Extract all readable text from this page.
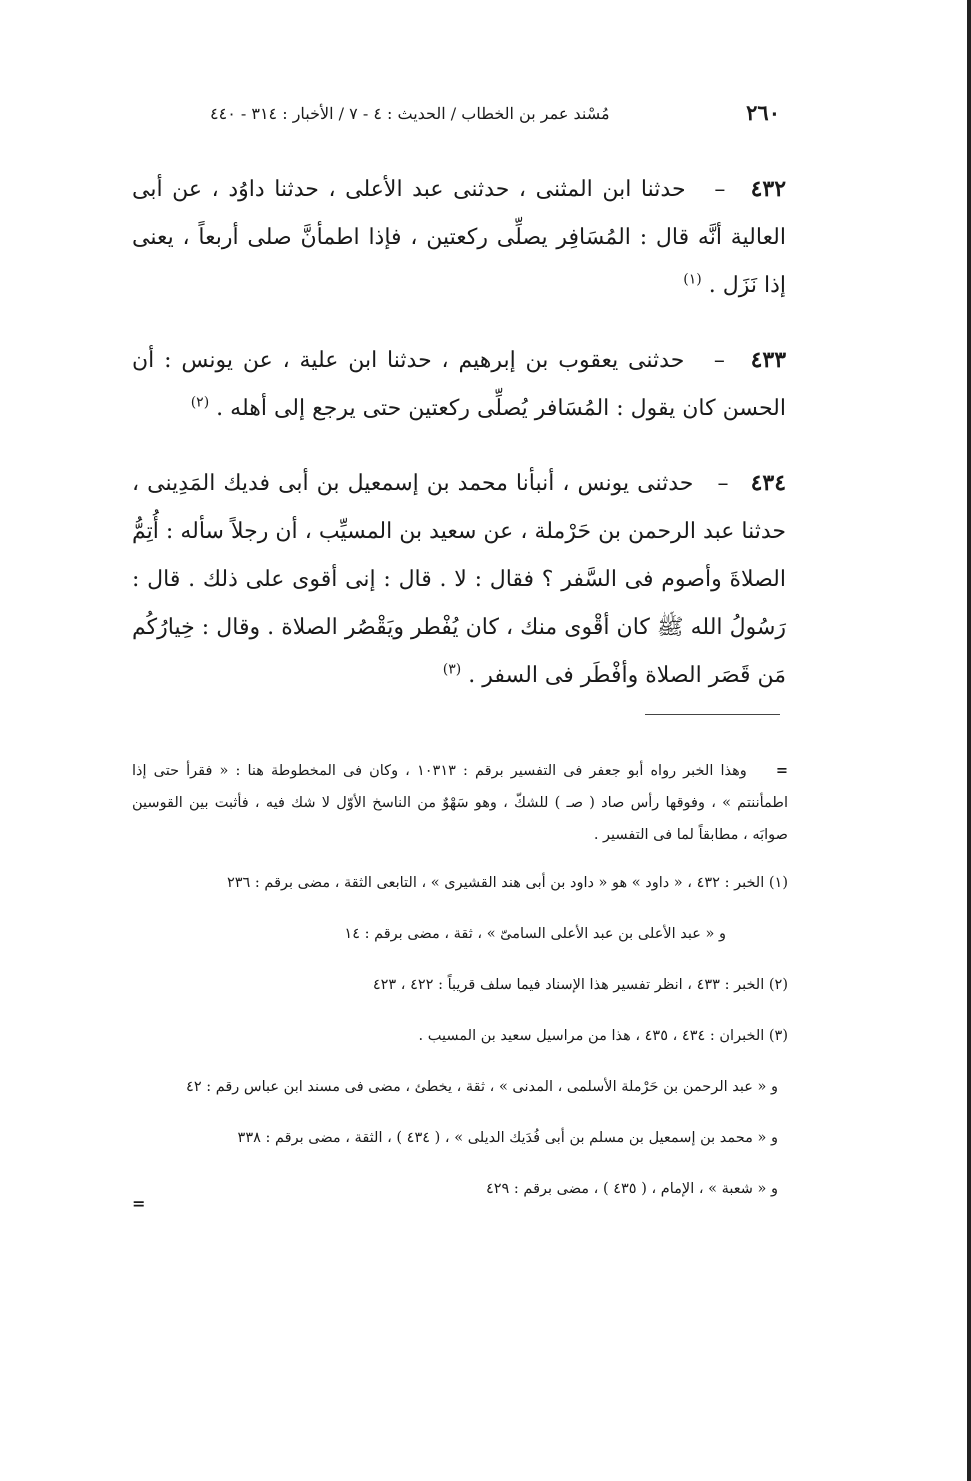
٢٦٠
مُسْند عمر بن الخطاب / الحديث : ٤ - ٧ / الأخبار : ٣١٤ - ٤٤٠

٤٣٢  –   حدثنا ابن المثنى ، حدثنى عبد الأعلى ، حدثنا داوُد ، عن أبى العالية أنَّه قال : المُسَافِر يصلِّى ركعتين ، فإذا اطمأنَّ صلى أربعاً ، يعنى إذا نَزَل . $^{(١)}$

٤٣٣  –   حدثنى يعقوب بن إبرهيم ، حدثنا ابن علية ، عن يونس : أن الحسن كان يقول : المُسَافر يُصلِّى ركعتين حتى يرجع إلى أهله . $^{(٢)}$

٤٣٤  –   حدثنى يونس ، أنبأنا محمد بن إسمعيل بن أبى فديك المَدِينى ، حدثنا عبد الرحمن بن حَرْملة ، عن سعيد بن المسيِّب ، أن رجلاً سأله : أُتِمُّ الصلاةَ وأصوم فى السَّفر ؟ فقال : لا . قال : إنى أقوى على ذلك . قال : رَسُولُ الله ﷺ كان أقْوى منك ، كان يُفْطر ويَقْصُر الصلاة . وقال : خِيارُكُم مَن قَصَر الصلاة وأفْطَر فى السفر . $^{(٣)}$

= وهذا الخبر رواه أبو جعفر فى التفسير برقم : ١٠٣١٣ ، وكان فى المخطوطة هنا : « فقرأ حتى إذا اطمأننتم » ، وفوقها رأس صاد ( صـ ) للشكّ ، وهو سَهْوٌ من الناسخ الأوّل لا شك فيه ، فأثبت بين القوسين صوابَه ، مطابقاً لما فى التفسير .

(١) الخبر : ٤٣٢ ، « داود » هو « داود بن أبى هند القشيرى » ، التابعى الثقة ، مضى برقم : ٢٣٦
و « عبد الأعلى بن عبد الأعلى السامىّ » ، ثقة ، مضى برقم : ١٤
(٢) الخبر : ٤٣٣ ، انظر تفسير هذا الإسناد فيما سلف قريباً : ٤٢٢ ، ٤٢٣
(٣) الخبران : ٤٣٤ ، ٤٣٥ ، هذا من مراسيل سعيد بن المسيب .
و « عبد الرحمن بن حَرْملة الأسلمى ، المدنى » ، ثقة ، يخطئ ، مضى فى مسند ابن عباس رقم : ٤٢
و « محمد بن إسمعيل بن مسلم بن أبى فُدَيك الديلى » ، ( ٤٣٤ ) ، الثقة ، مضى برقم : ٣٣٨
و « شعبة » ، الإمام ، ( ٤٣٥ ) ، مضى برقم : ٤٢٩
=
